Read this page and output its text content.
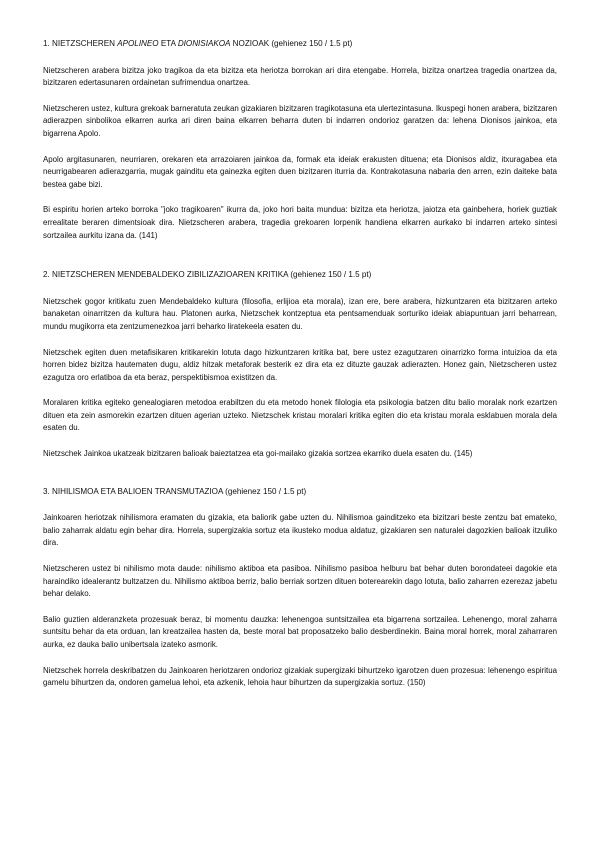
1. NIETZSCHEREN APOLINEO ETA DIONISIAKOA NOZIOAK (gehienez 150 / 1.5 pt)

Nietzscheren arabera bizitza joko tragikoa da eta bizitza eta heriotza borrokan ari dira etengabe. Horrela, bizitza onartzea tragedia onartzea da, bizitzaren edertasunaren ordainetan sufrimendua onartzea.

Nietzscheren ustez, kultura grekoak barneratuta zeukan gizakiaren bizitzaren tragikotasuna eta ulertezintasuna. Ikuspegi honen arabera, bizitzaren adierazpen sinbolikoa elkarren aurka ari diren baina elkarren beharra duten bi indarren ondorioz garatzen da: lehena Dionisos jainkoa, eta bigarrena Apolo.

Apolo argitasunaren, neurriaren, orekaren eta arrazoiaren jainkoa da, formak eta ideiak erakusten dituena; eta Dionisos aldiz, itxuragabea eta neurrigabearen adierazgarria, mugak gainditu eta gainezka egiten duen bizitzaren iturria da. Kontrakotasuna nabaria den arren, ezin daiteke bata bestea gabe bizi.

Bi espiritu horien arteko borroka "joko tragikoaren" ikurra da, joko hori baita mundua: bizitza eta heriotza, jaiotza eta gainbehera, horiek guztiak errealitate beraren dimentsioak dira. Nietzscheren arabera, tragedia grekoaren lorpenik handiena elkarren aurkako bi indarren arteko sintesi sortzailea aurkitu izana da. (141)

2. NIETZSCHEREN MENDEBALDEKO ZIBILIZAZIOAREN KRITIKA (gehienez 150 / 1.5 pt)

Nietzschek gogor kritikatu zuen Mendebaldeko kultura (filosofia, erlijioa eta morala), izan ere, bere arabera, hizkuntzaren eta bizitzaren arteko banaketan oinarritzen da kultura hau. Platonen aurka, Nietzschek kontzeptua eta pentsamenduak sorturiko ideiak abiapuntuan jarri beharrean, mundu mugikorra eta zentzumenezkoa jarri beharko liratekeela esaten du.

Nietzschek egiten duen metafisikaren kritikarekin lotuta dago hizkuntzaren kritika bat, bere ustez ezagutzaren oinarrizko forma intuizioa da eta horren bidez bizitza hautematen dugu, aldiz hitzak metaforak besterik ez dira eta ez dituzte gauzak adierazten. Honez gain, Nietzscheren ustez ezagutza oro erlatiboa da eta beraz, perspektibismoa existitzen da.

Moralaren kritika egiteko genealogiaren metodoa erabiltzen du eta metodo honek filologia eta psikologia batzen ditu balio moralak nork ezartzen dituen eta zein asmorekin ezartzen dituen agerian uzteko. Nietzschek kristau moralari kritika egiten dio eta kristau morala esklabuen morala dela esaten du.

Nietzschek Jainkoa ukatzeak bizitzaren balioak baieztatzea eta goi-mailako gizakia sortzea ekarriko duela esaten du. (145)

3. NIHILISMOA ETA BALIOEN TRANSMUTAZIOA (gehienez 150 / 1.5 pt)

Jainkoaren heriotzak nihilismora eramaten du gizakia, eta baliorik gabe uzten du. Nihilismoa gainditzeko eta bizitzari beste zentzu bat emateko, balio zaharrak aldatu egin behar dira. Horrela, supergizakia sortuz eta ikusteko modua aldatuz, gizakiaren sen naturalei dagozkien balioak itzuliko dira.

Nietzscheren ustez bi nihilismo mota daude: nihilismo aktiboa eta pasiboa. Nihilismo pasiboa helburu bat behar duten borondateei dagokie eta haraindiko idealerantz bultzatzen du. Nihilismo aktiboa berriz, balio berriak sortzen dituen boterearekin dago lotuta, balio zaharren ezerezaz jabetu behar delako.

Balio guztien alderanzketa prozesuak beraz, bi momentu dauzka: lehenengoa suntsitzailea eta bigarrena sortzailea. Lehenengo, moral zaharra suntsitu behar da eta orduan, lan kreatzailea hasten da, beste moral bat proposatzeko balio desberdinekin. Baina moral horrek, moral zaharraren aurka, ez dauka balio unibertsala izateko asmorik.

Nietzschek horrela deskribatzen du Jainkoaren heriotzaren ondorioz gizakiak supergizaki bihurtzeko igarotzen duen prozesua: lehenengo espiritua gamelu bihurtzen da, ondoren gamelua lehoi, eta azkenik, lehoia haur bihurtzen da supergizakia sortuz. (150)
